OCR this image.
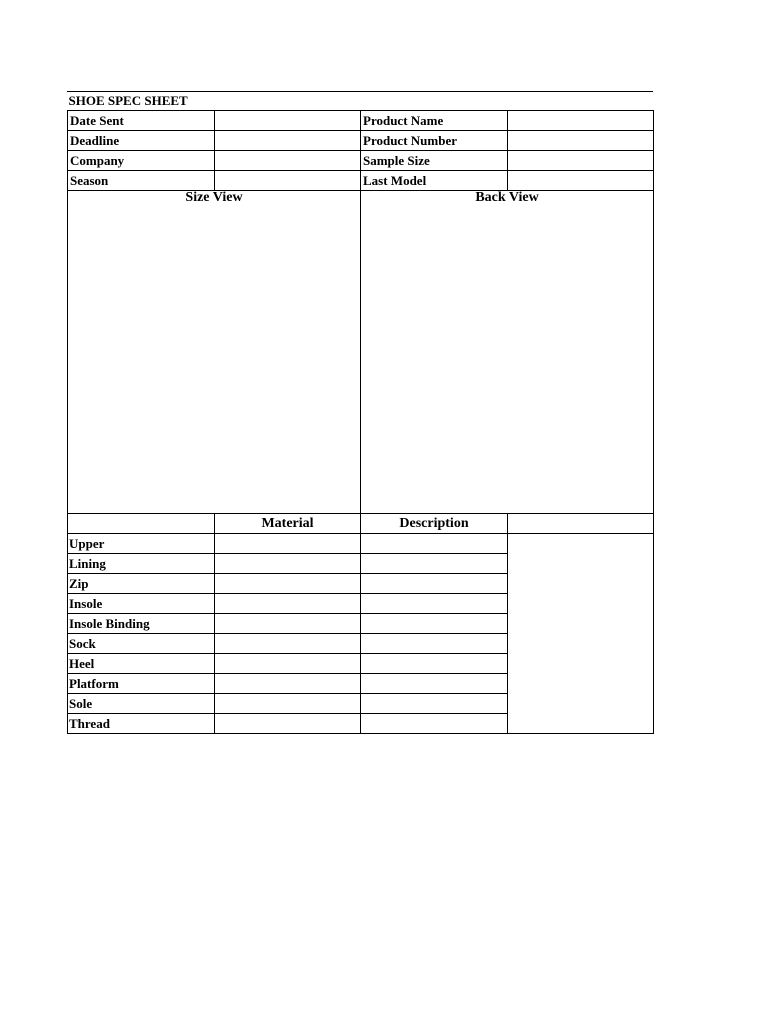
SHOE SPEC SHEET			
Date Sent		Product Name	
Deadline		Product Number	
Company		Sample Size	
Season		Last Model	
Size View		Back View	
	Material	Description	
Upper			
Lining			
Zip			
Insole			
Insole Binding			
Sock			
Heel			
Platform			
Sole			
Thread			
